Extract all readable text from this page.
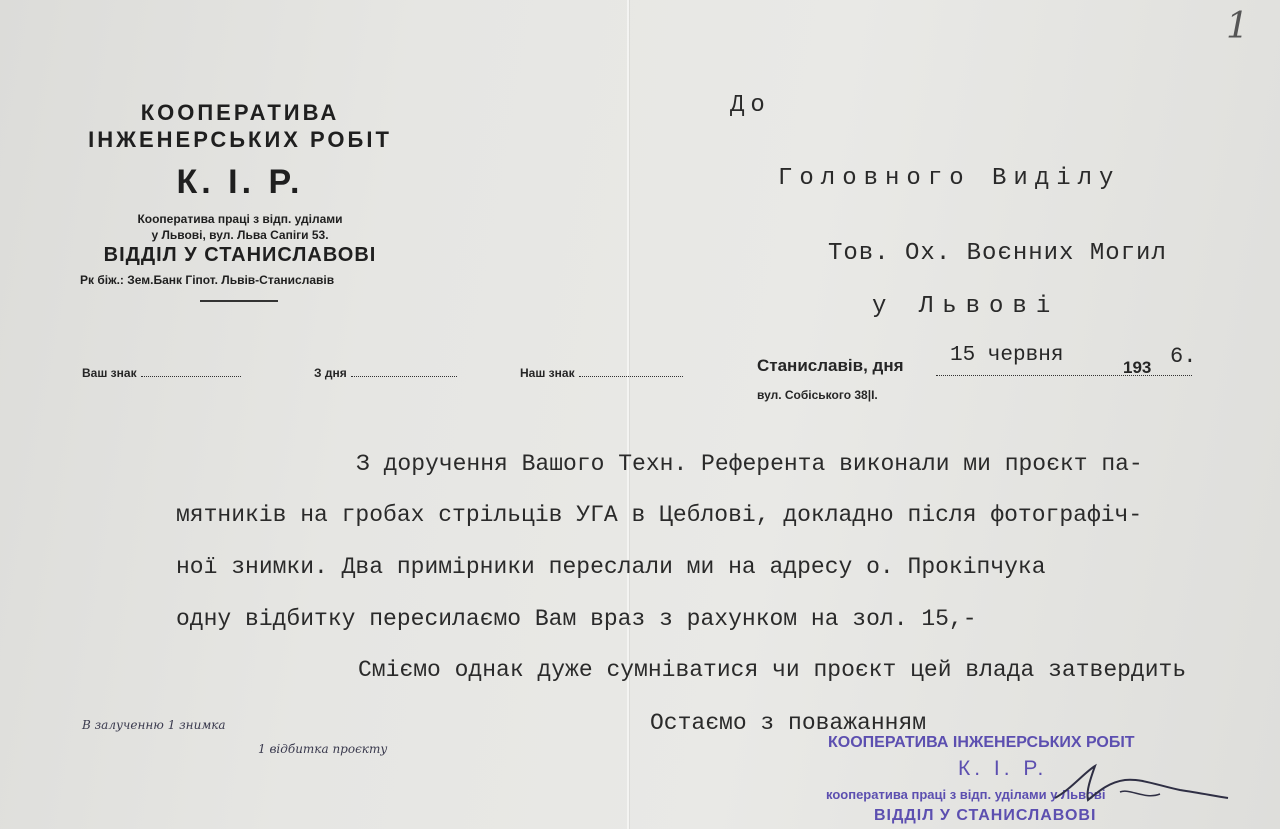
1
КООПЕРАТИВА
ІНЖЕНЕРСЬКИХ РОБІТ
К. І. Р.
Кооператива праці з відп. уділами
у Львові, вул. Льва Сапіги 53.
ВІДДІЛ У СТАНИСЛАВОВІ
Рк біж.: Зем.Банк Гіпот. Львів-Станиславів
Ваш знак	З дня	Наш знак
До
Головного Виділу
Тов. Ох. Воєнних Могил
у Львові
Станиславів, дня 15 червня
193 6.
вул. Собіського 38|І.
З доручення Вашого Техн. Референта виконали ми проєкт па-
мятників на гробах стрільців УГА в Цеблові, докладно після фотографіч-
ної знимки. Два примірники переслали ми на адресу о. Прокіпчука
одну відбитку пересилаємо Вам враз з рахунком на зол. 15,-
Сміємо однак дуже сумніватися чи проєкт цей влада затвердить
Остаємо з поважанням
В залученню 1 знимка
1 відбитка проєкту	КООПЕРАТИВА ІНЖЕНЕРСЬКИХ РОБІТ
К. І. Р.
кооператива праці з відп. уділами у Львові
ВІДДІЛ У СТАНИСЛАВОВІ
